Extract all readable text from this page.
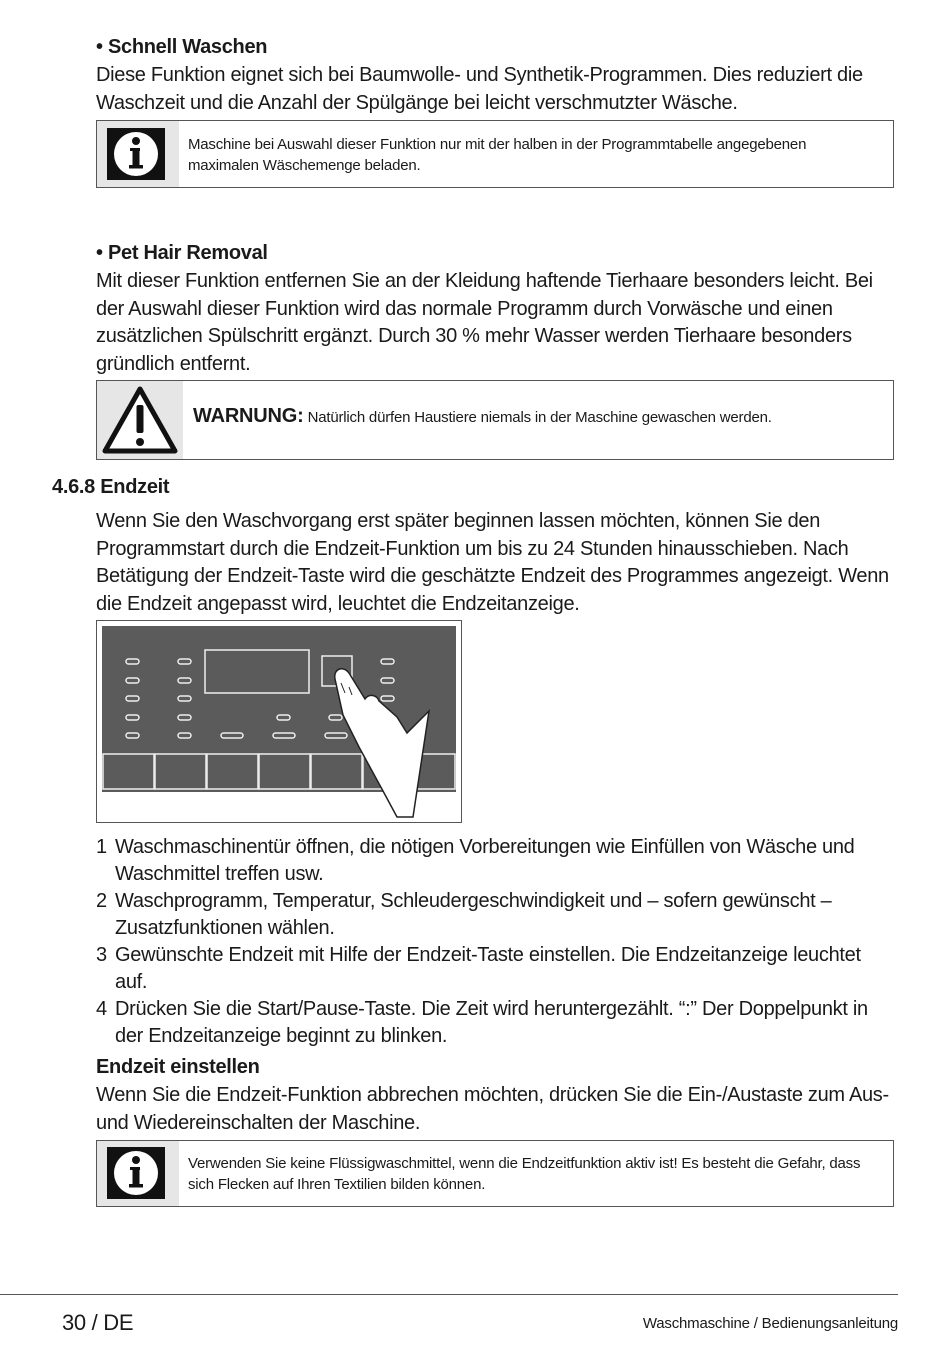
• Schnell Waschen
Diese Funktion eignet sich bei Baumwolle- und Synthetik-Programmen. Dies reduziert die Waschzeit und die Anzahl der Spülgänge bei leicht verschmutzter Wäsche.
Maschine bei Auswahl dieser Funktion nur mit der halben in der Programmtabelle angegebenen maximalen Wäschemenge beladen.
• Pet Hair Removal
Mit dieser Funktion entfernen Sie an der Kleidung haftende Tierhaare besonders leicht. Bei der Auswahl dieser Funktion wird das normale Programm durch Vorwäsche und einen zusätzlichen Spülschritt ergänzt. Durch 30 % mehr Wasser werden Tierhaare besonders gründlich entfernt.
WARNUNG: Natürlich dürfen Haustiere niemals in der Maschine gewaschen werden.
4.6.8 Endzeit
Wenn Sie den Waschvorgang erst später beginnen lassen möchten, können Sie den Programmstart durch die Endzeit-Funktion um bis zu 24 Stunden hinausschieben. Nach Betätigung der Endzeit-Taste wird die geschätzte Endzeit des Programmes angezeigt. Wenn die Endzeit angepasst wird, leuchtet die Endzeitanzeige.
1 Waschmaschinentür öffnen, die nötigen Vorbereitungen wie Einfüllen von Wäsche und Waschmittel treffen usw.
2 Waschprogramm, Temperatur, Schleudergeschwindigkeit und – sofern gewünscht – Zusatzfunktionen wählen.
3 Gewünschte Endzeit mit Hilfe der Endzeit-Taste einstellen. Die Endzeitanzeige leuchtet auf.
4 Drücken Sie die Start/Pause-Taste. Die Zeit wird heruntergezählt. “:” Der Doppelpunkt in der Endzeitanzeige beginnt zu blinken.
Endzeit einstellen
Wenn Sie die Endzeit-Funktion abbrechen möchten, drücken Sie die Ein-/Austaste zum Aus- und Wiedereinschalten der Maschine.
Verwenden Sie keine Flüssigwaschmittel, wenn die Endzeitfunktion aktiv ist! Es besteht die Gefahr, dass sich Flecken auf Ihren Textilien bilden können.
30 / DE	Waschmaschine / Bedienungsanleitung
